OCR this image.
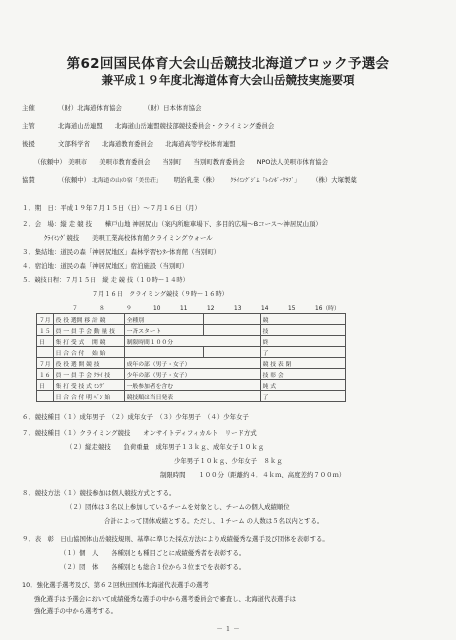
第62回国民体育大会山岳競技北海道ブロック予選会
兼平成１９年度北海道体育大会山岳競技実施要項
主催	（財）北海道体育協会	（財）日本体育協会
主管	北海道山岳連盟 北海道山岳連盟競技部競技委員会・クライミング委員会
後援	文部科学省 北海道教育委員会 北海道高等学校体育連盟
（依頼中） 美唄市 美唄市教育委員会 当別町 当別町教育委員会 NPO法人美唄市体育協会
協賛	（依頼中） 北海道の山の宿「美岳荘」 明治乳業（株） ｸﾗｲﾐﾝｸﾞｼﾞﾑ「ﾚｲﾝﾎﾞｰｸﾗﾌﾞ」 （株）大塚製薬
１．期　日：平成１９年７月１５日（日）～７月１６日（月）
２．会　場：縦 走 競 技　　樺戸山地 神居尻山（案内所駐車場下、多目的広場～Bコース～神居尻山頂）
ｸﾗｲﾐﾝｸﾞ競技　　美唄工業高校体育館クライミングウォール
３．集結地：道民の森「神居尻地区」森林学習ｾﾝﾀｰ体育館（当別町）
４．宿泊地：道民の森「神居尻地区」宿泊施設（当別町）
５．競技日程：７月１５日　縦 走 競 技（１０時～１４時）
７月１６日　クライミング競技（９時～１６時）
７	８	９	10	11	12	13	14	15	16（時）
７月	役 役 選開 移 計 競	全種別		競
１５	員 一 員 手 会 動 量 技	一斉スタート		技
日	集 打 受 式　 開 競	制限時間１００分		終
	日 合 合 付　 始 始			了
７月	役 役 選 開 競 技	成年の部（男子・女子）		競 技 表 閉
１６	員 一 員 手 会 ｸﾗｲ 技	少年の部（男子・女子）		技 彰 会
日	集 打 受 技 式 ﾐﾝｸﾞ	一般参加者を含む		純 式
	日 合 合 付 明 ﾍﾞﾝ 始	競技順は当日発表		了
６．競技種目（１）成年男子　（２）成年女子　（３）少年男子　（４）少年女子
７．競技種目（１）クライミング競技　　オンサイトディフィカルト　リード方式
（２）縦走競技　　負荷重量　成年男子１３ｋｇ、成年女子１０ｋｇ
少年男子１０ｋｇ、少年女子　８ｋｇ
制限時間　　１００分（距離約４．４ｋｍ、高度差約７００ｍ）
８．競技方法（１）競技参加は個人競技方式とする。
（２）団体は３名以上参加しているチームを対象とし、チームの個人成績順位
合計によって団体成績とする。ただし、１チーム の人数は５名以内とする。
９．表　彰　日山協国体山岳競技規則、基準に準じた採点方法により成績優秀な選手及び団体を表彰する。
（１）個　人　　各種別とも種目ごとに成績優秀者を表彰する。
（２）団　体　　各種別とも総合１位から３位までを表彰する。
10．強化選手選考及び、第６２回秋田国体北海道代表選手の選考
強化選手は予選会において成績優秀な選手の中から選考委員会で審査し、北海道代表選手は
強化選手の中から選考する。
－ １ －
